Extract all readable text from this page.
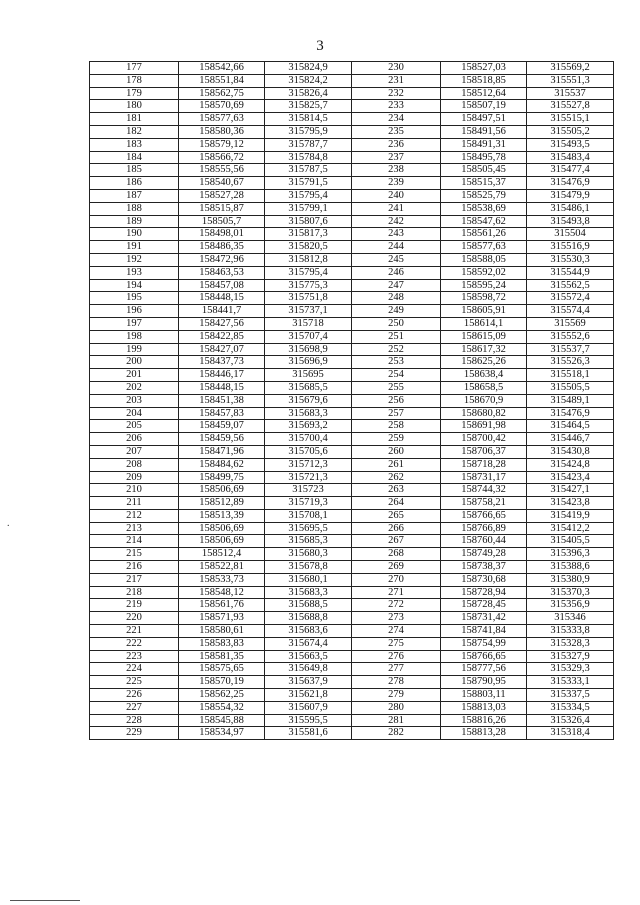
3
.
177	158542,66	315824,9	230	158527,03	315569,2
178	158551,84	315824,2	231	158518,85	315551,3
179	158562,75	315826,4	232	158512,64	315537
180	158570,69	315825,7	233	158507,19	315527,8
181	158577,63	315814,5	234	158497,51	315515,1
182	158580,36	315795,9	235	158491,56	315505,2
183	158579,12	315787,7	236	158491,31	315493,5
184	158566,72	315784,8	237	158495,78	315483,4
185	158555,56	315787,5	238	158505,45	315477,4
186	158540,67	315791,5	239	158515,37	315476,9
187	158527,28	315795,4	240	158525,79	315479,9
188	158515,87	315799,1	241	158538,69	315486,1
189	158505,7	315807,6	242	158547,62	315493,8
190	158498,01	315817,3	243	158561,26	315504
191	158486,35	315820,5	244	158577,63	315516,9
192	158472,96	315812,8	245	158588,05	315530,3
193	158463,53	315795,4	246	158592,02	315544,9
194	158457,08	315775,3	247	158595,24	315562,5
195	158448,15	315751,8	248	158598,72	315572,4
196	158441,7	315737,1	249	158605,91	315574,4
197	158427,56	315718	250	158614,1	315569
198	158422,85	315707,4	251	158615,09	315552,6
199	158427,07	315698,9	252	158617,32	315537,7
200	158437,73	315696,9	253	158625,26	315526,3
201	158446,17	315695	254	158638,4	315518,1
202	158448,15	315685,5	255	158658,5	315505,5
203	158451,38	315679,6	256	158670,9	315489,1
204	158457,83	315683,3	257	158680,82	315476,9
205	158459,07	315693,2	258	158691,98	315464,5
206	158459,56	315700,4	259	158700,42	315446,7
207	158471,96	315705,6	260	158706,37	315430,8
208	158484,62	315712,3	261	158718,28	315424,8
209	158499,75	315721,3	262	158731,17	315423,4
210	158506,69	315723	263	158744,32	315427,1
211	158512,89	315719,3	264	158758,21	315423,8
212	158513,39	315708,1	265	158766,65	315419,9
213	158506,69	315695,5	266	158766,89	315412,2
214	158506,69	315685,3	267	158760,44	315405,5
215	158512,4	315680,3	268	158749,28	315396,3
216	158522,81	315678,8	269	158738,37	315388,6
217	158533,73	315680,1	270	158730,68	315380,9
218	158548,12	315683,3	271	158728,94	315370,3
219	158561,76	315688,5	272	158728,45	315356,9
220	158571,93	315688,8	273	158731,42	315346
221	158580,61	315683,6	274	158741,84	315333,8
222	158583,83	315674,4	275	158754,99	315328,3
223	158581,35	315663,5	276	158766,65	315327,9
224	158575,65	315649,8	277	158777,56	315329,3
225	158570,19	315637,9	278	158790,95	315333,1
226	158562,25	315621,8	279	158803,11	315337,5
227	158554,32	315607,9	280	158813,03	315334,5
228	158545,88	315595,5	281	158816,26	315326,4
229	158534,97	315581,6	282	158813,28	315318,4
